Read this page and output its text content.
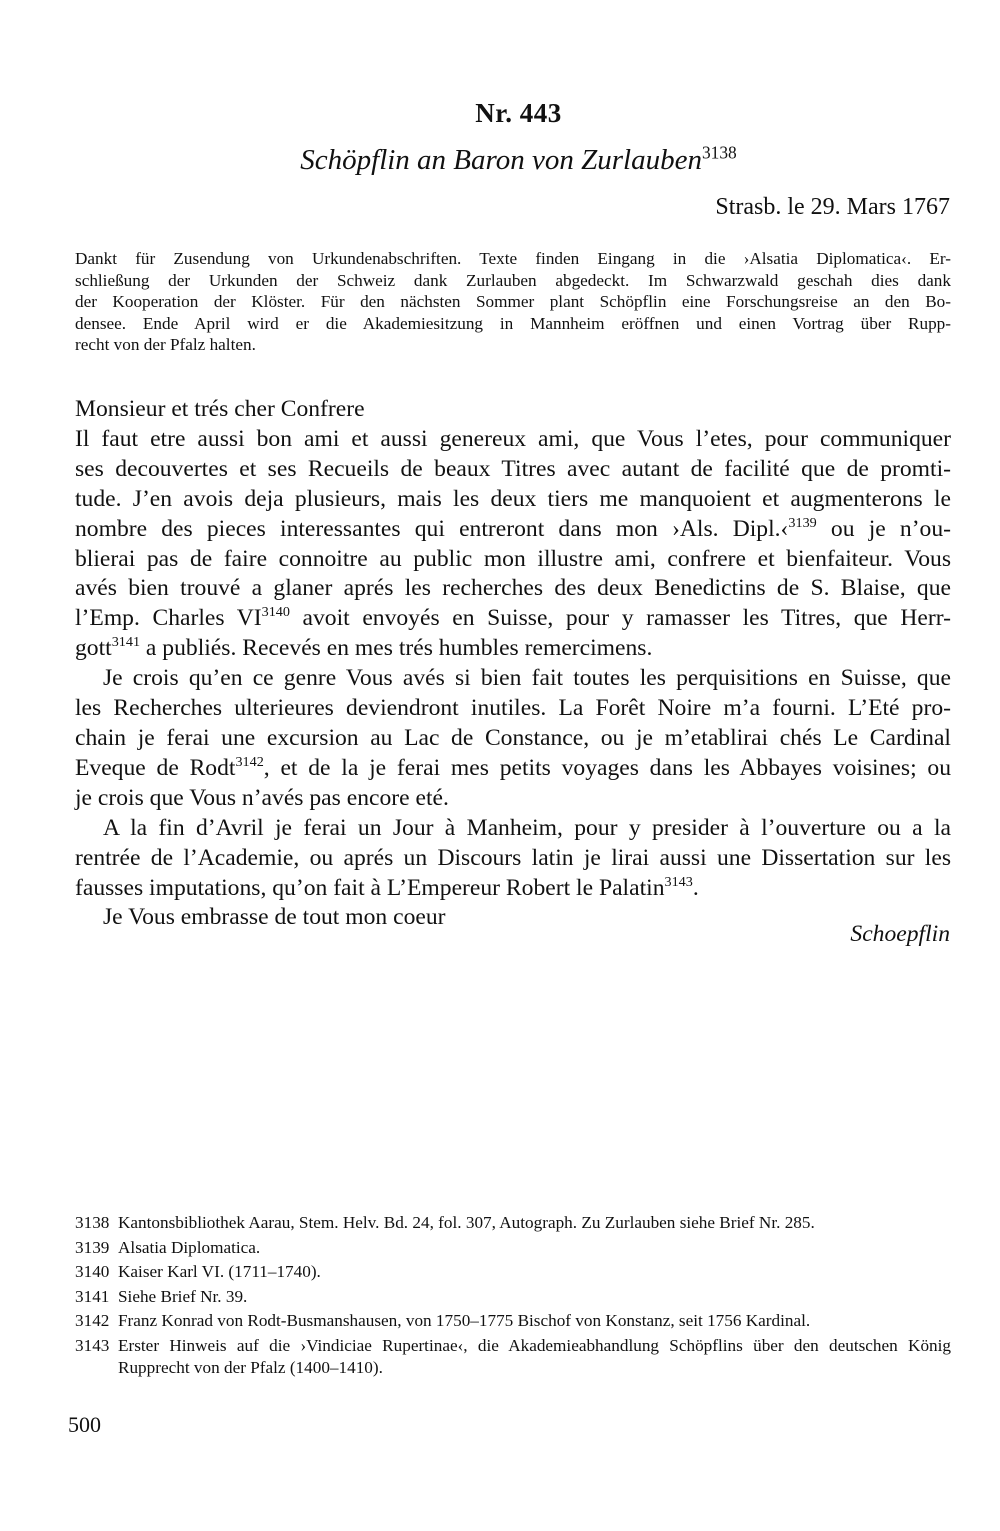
Nr. 443
Schöpflin an Baron von Zurlauben$^{3138}$
Strasb. le 29. Mars 1767
Dankt für Zusendung von Urkundenabschriften. Texte finden Eingang in die ›Alsatia Diplomatica‹. Er-
schließung der Urkunden der Schweiz dank Zurlauben abgedeckt. Im Schwarzwald geschah dies dank
der Kooperation der Klöster. Für den nächsten Sommer plant Schöpflin eine Forschungsreise an den Bo-
densee. Ende April wird er die Akademiesitzung in Mannheim eröffnen und einen Vortrag über Rupp-
recht von der Pfalz halten.
Monsieur et trés cher Confrere
Il faut etre aussi bon ami et aussi genereux ami, que Vous l’etes, pour communiquer
ses decouvertes et ses Recueils de beaux Titres avec autant de facilité que de promti-
tude. J’en avois deja plusieurs, mais les deux tiers me manquoient et augmenterons le
nombre des pieces interessantes qui entreront dans mon ›Als. Dipl.‹$^{3139}$ ou je n’ou-
blierai pas de faire connoitre au public mon illustre ami, confrere et bienfaiteur. Vous
avés bien trouvé a glaner aprés les recherches des deux Benedictins de S. Blaise, que
l’Emp. Charles $VI^{3140}$ avoit envoyés en Suisse, pour y ramasser les Titres, que Herr-
gott$^{3141}$ a publiés. Recevés en mes trés humbles remercimens.
Je crois qu’en ce genre Vous avés si bien fait toutes les perquisitions en Suisse, que
les Recherches ulterieures deviendront inutiles. La Forêt Noire m’a fourni. L’Eté pro-
chain je ferai une excursion au Lac de Constance, ou je m’etablirai chés Le Cardinal
Eveque de Rodt$^{3142}$, et de la je ferai mes petits voyages dans les Abbayes voisines; ou
je crois que Vous n’avés pas encore eté.
A la fin d’Avril je ferai un Jour à Manheim, pour y presider à l’ouverture ou a la
rentrée de l’Academie, ou aprés un Discours latin je lirai aussi une Dissertation sur les
fausses imputations, qu’on fait à L’Empereur Robert le Palatin$^{3143}$.
Je Vous embrasse de tout mon coeur
Schoepflin
3138 Kantonsbibliothek Aarau, Stem. Helv. Bd. 24, fol. 307, Autograph. Zu Zurlauben siehe Brief Nr. 285.
3139 Alsatia Diplomatica.
3140 Kaiser Karl VI. (1711–1740).
3141 Siehe Brief Nr. 39.
3142 Franz Konrad von Rodt-Busmanshausen, von 1750–1775 Bischof von Konstanz, seit 1756 Kardinal.
3143 Erster Hinweis auf die ›Vindiciae Rupertinae‹, die Akademieabhandlung Schöpflins über den deutschen König Rupprecht von der Pfalz (1400–1410).
500
